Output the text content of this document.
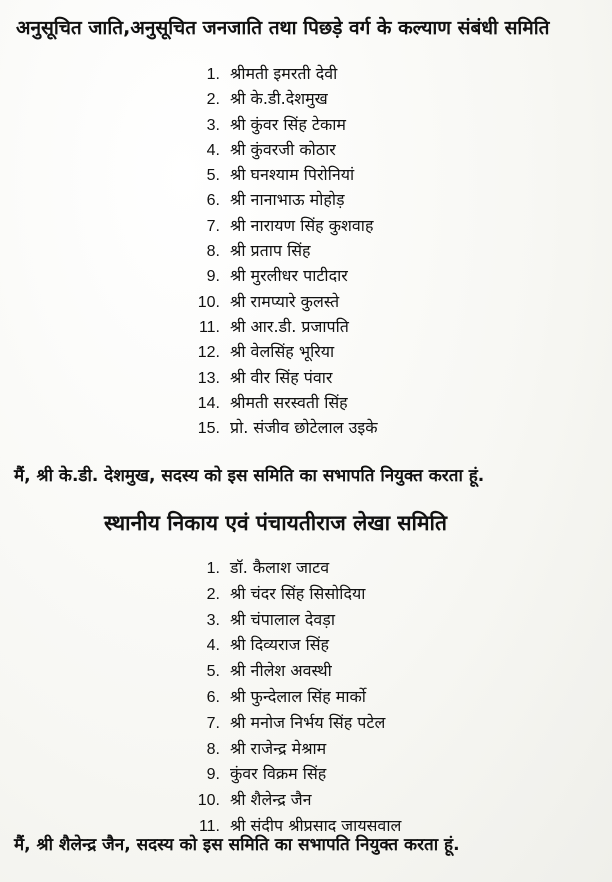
अनुसूचित जाति,अनुसूचित जनजाति तथा पिछड़े वर्ग के कल्याण संबंधी समिति
1. श्रीमती इमरती देवी
2. श्री के.डी.देशमुख
3. श्री कुंवर सिंह टेकाम
4. श्री कुंवरजी कोठार
5. श्री घनश्याम पिरोनियां
6. श्री नानाभाऊ मोहोड़
7. श्री नारायण सिंह कुशवाह
8. श्री प्रताप सिंह
9. श्री मुरलीधर पाटीदार
10. श्री रामप्यारे कुलस्ते
11. श्री आर.डी. प्रजापति
12. श्री वेलसिंह भूरिया
13. श्री वीर सिंह पंवार
14. श्रीमती सरस्वती सिंह
15. प्रो. संजीव छोटेलाल उइके
मैं, श्री के.डी. देशमुख, सदस्य को इस समिति का सभापति नियुक्त करता हूं.
स्थानीय निकाय एवं पंचायतीराज लेखा समिति
1. डॉ. कैलाश जाटव
2. श्री चंदर सिंह सिसोदिया
3. श्री चंपालाल देवड़ा
4. श्री दिव्यराज सिंह
5. श्री नीलेश अवस्थी
6. श्री फुन्देलाल सिंह मार्को
7. श्री मनोज निर्भय सिंह पटेल
8. श्री राजेन्द्र मेश्राम
9. कुंवर विक्रम सिंह
10. श्री शैलेन्द्र जैन
11. श्री संदीप श्रीप्रसाद जायसवाल
मैं, श्री शैलेन्द्र जैन, सदस्य को इस समिति का सभापति नियुक्त करता हूं.
